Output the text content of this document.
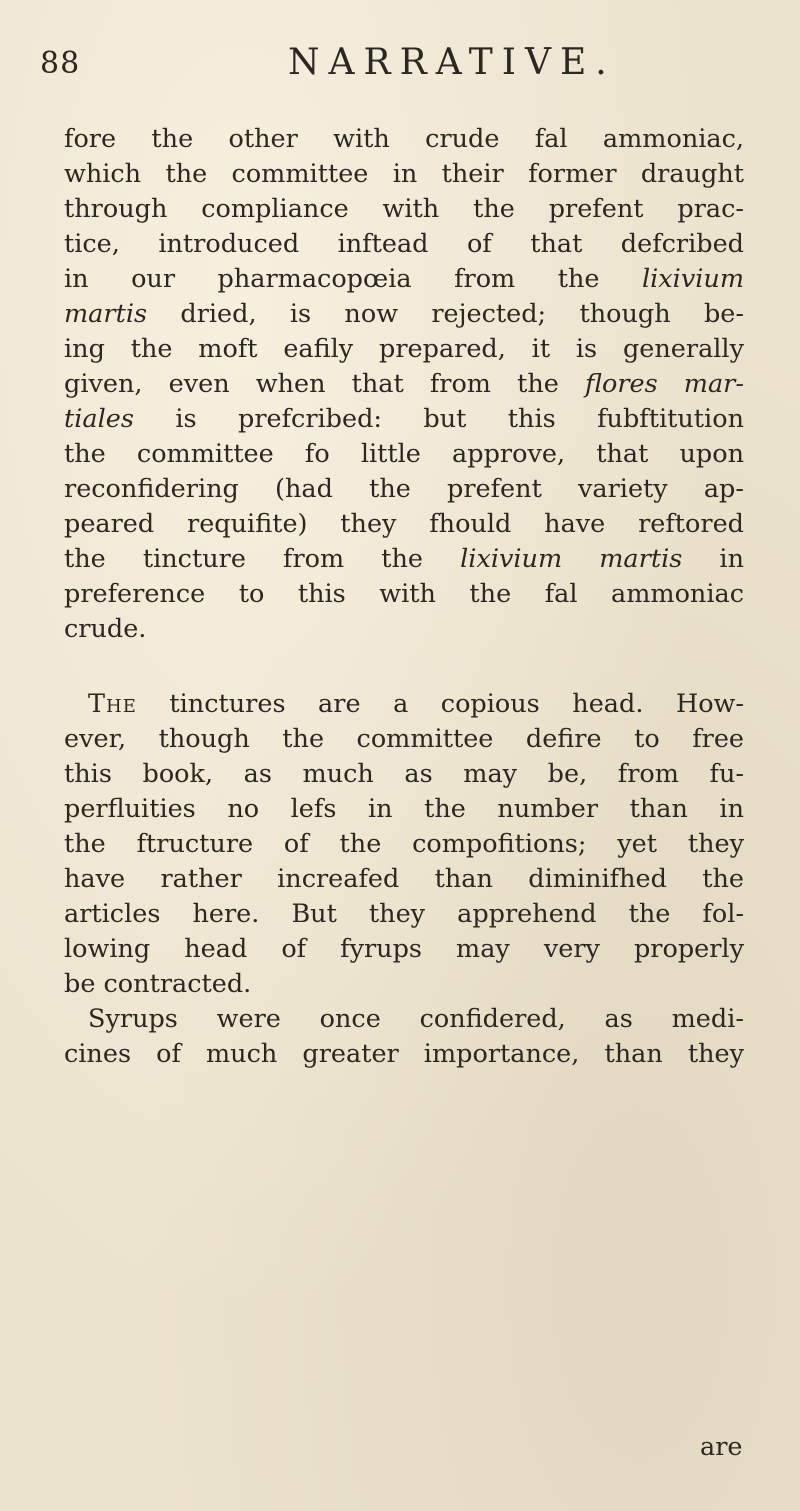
88	NARRATIVE.
fore the other with crude fal ammoniac,
which the committee in their former draught
through compliance with the prefent prac-
tice, introduced inftead of that defcribed
in our pharmacopœia from the lixivium
martis dried, is now rejected; though be-
ing the moft eafily prepared, it is generally
given, even when that from the flores mar-
tiales is prefcribed: but this fubftitution
the committee fo little approve, that upon
reconfidering (had the prefent variety ap-
peared requifite) they fhould have reftored
the tincture from the lixivium martis in
preference to this with the fal ammoniac
crude.
The tinctures are a copious head. How-
ever, though the committee defire to free
this book, as much as may be, from fu-
perfluities no lefs in the number than in
the ftructure of the compofitions; yet they
have rather increafed than diminifhed the
articles here. But they apprehend the fol-
lowing head of fyrups may very properly
be contracted.
Syrups were once confidered, as medi-
cines of much greater importance, than they
are
